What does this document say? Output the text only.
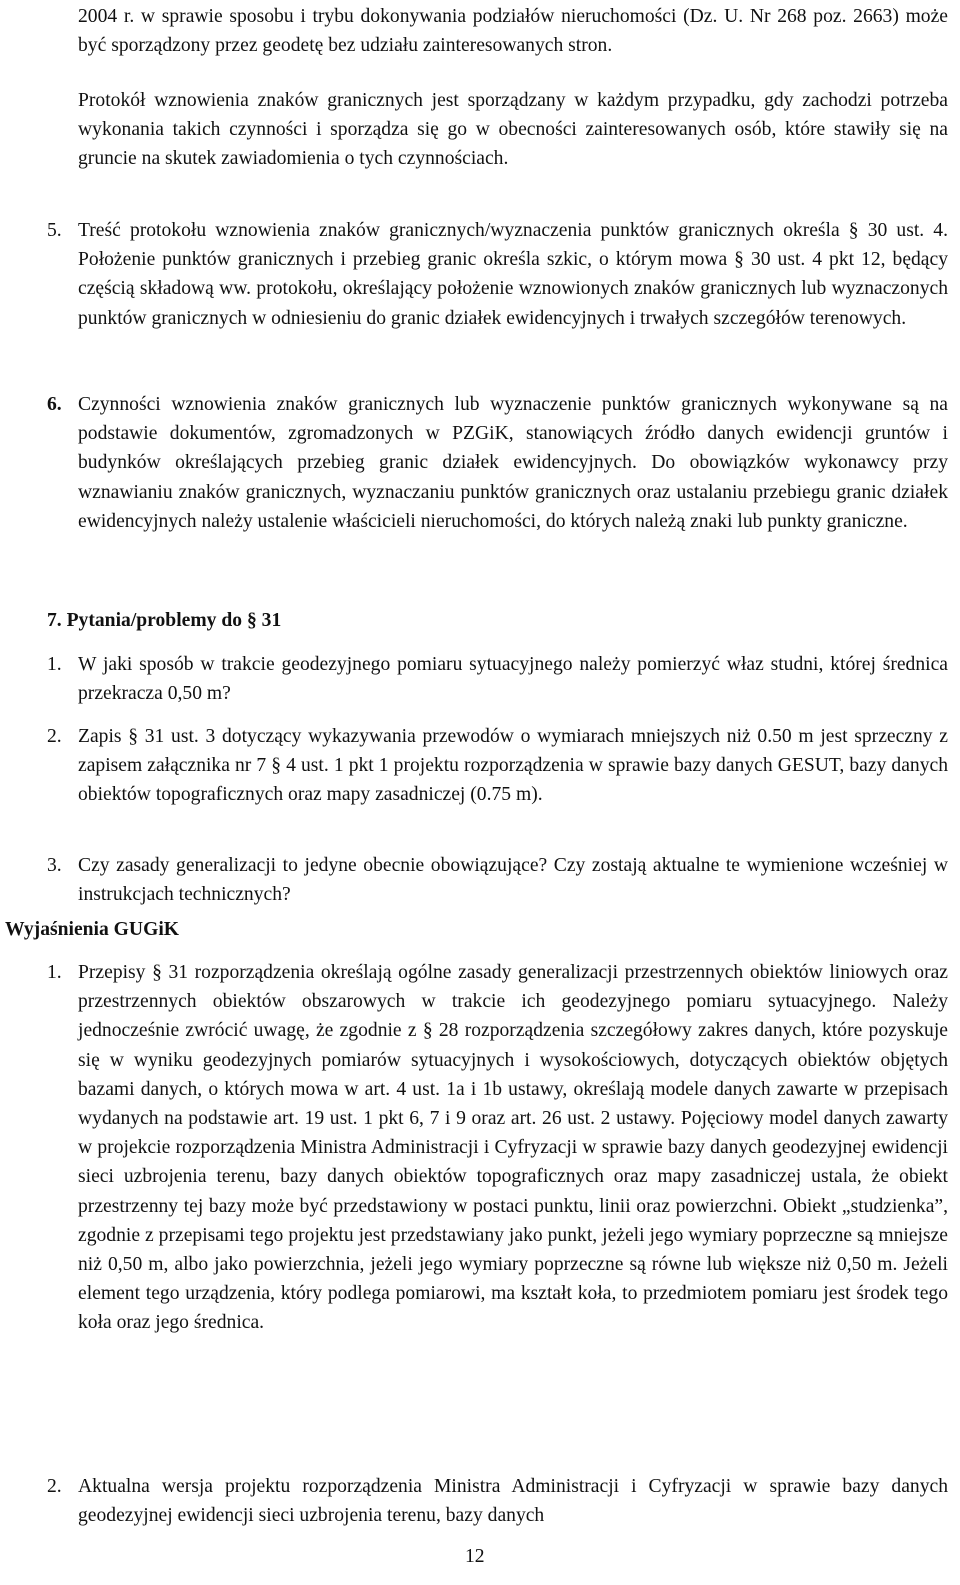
2004 r. w sprawie sposobu i trybu dokonywania podziałów nieruchomości (Dz. U. Nr 268 poz. 2663) może być sporządzony przez geodetę bez udziału zainteresowanych stron.

Protokół wznowienia znaków granicznych jest sporządzany w każdym przypadku, gdy zachodzi potrzeba wykonania takich czynności i sporządza się go w obecności zainteresowanych osób, które stawiły się na gruncie na skutek zawiadomienia o tych czynnościach.

5. Treść protokołu wznowienia znaków granicznych/wyznaczenia punktów granicznych określa § 30 ust. 4. Położenie punktów granicznych i przebieg granic określa szkic, o którym mowa § 30 ust. 4 pkt 12, będący częścią składową ww. protokołu, określający położenie wznowionych znaków granicznych lub wyznaczonych punktów granicznych w odniesieniu do granic działek ewidencyjnych i trwałych szczegółów terenowych.

6. Czynności wznowienia znaków granicznych lub wyznaczenie punktów granicznych wykonywane są na podstawie dokumentów, zgromadzonych w PZGiK, stanowiących źródło danych ewidencji gruntów i budynków określających przebieg granic działek ewidencyjnych. Do obowiązków wykonawcy przy wznawianiu znaków granicznych, wyznaczaniu punktów granicznych oraz ustalaniu przebiegu granic działek ewidencyjnych należy ustalenie właścicieli nieruchomości, do których należą znaki lub punkty graniczne.

7. Pytania/problemy do § 31

1. W jaki sposób w trakcie geodezyjnego pomiaru sytuacyjnego należy pomierzyć właz studni, której średnica przekracza 0,50 m?

2. Zapis § 31 ust. 3 dotyczący wykazywania przewodów o wymiarach mniejszych niż 0.50 m jest sprzeczny z zapisem załącznika nr 7 § 4 ust. 1 pkt 1 projektu rozporządzenia w sprawie bazy danych GESUT, bazy danych obiektów topograficznych oraz mapy zasadniczej (0.75 m).

3. Czy zasady generalizacji to jedyne obecnie obowiązujące? Czy zostają aktualne te wymienione wcześniej w instrukcjach technicznych?

Wyjaśnienia GUGiK

1. Przepisy § 31 rozporządzenia określają ogólne zasady generalizacji przestrzennych obiektów liniowych oraz przestrzennych obiektów obszarowych w trakcie ich geodezyjnego pomiaru sytuacyjnego. Należy jednocześnie zwrócić uwagę, że zgodnie z § 28 rozporządzenia szczegółowy zakres danych, które pozyskuje się w wyniku geodezyjnych pomiarów sytuacyjnych i wysokościowych, dotyczących obiektów objętych bazami danych, o których mowa w art. 4 ust. 1a i 1b ustawy, określają modele danych zawarte w przepisach wydanych na podstawie art. 19 ust. 1 pkt 6, 7 i 9 oraz art. 26 ust. 2 ustawy. Pojęciowy model danych zawarty w projekcie rozporządzenia Ministra Administracji i Cyfryzacji w sprawie bazy danych geodezyjnej ewidencji sieci uzbrojenia terenu, bazy danych obiektów topograficznych oraz mapy zasadniczej ustala, że obiekt przestrzenny tej bazy może być przedstawiony w postaci punktu, linii oraz powierzchni. Obiekt „studzienka”, zgodnie z przepisami tego projektu jest przedstawiany jako punkt, jeżeli jego wymiary poprzeczne są mniejsze niż 0,50 m, albo jako powierzchnia, jeżeli jego wymiary poprzeczne są równe lub większe niż 0,50 m. Jeżeli element tego urządzenia, który podlega pomiarowi, ma kształt koła, to przedmiotem pomiaru jest środek tego koła oraz jego średnica.

2. Aktualna wersja projektu rozporządzenia Ministra Administracji i Cyfryzacji w sprawie bazy danych geodezyjnej ewidencji sieci uzbrojenia terenu, bazy danych

12
